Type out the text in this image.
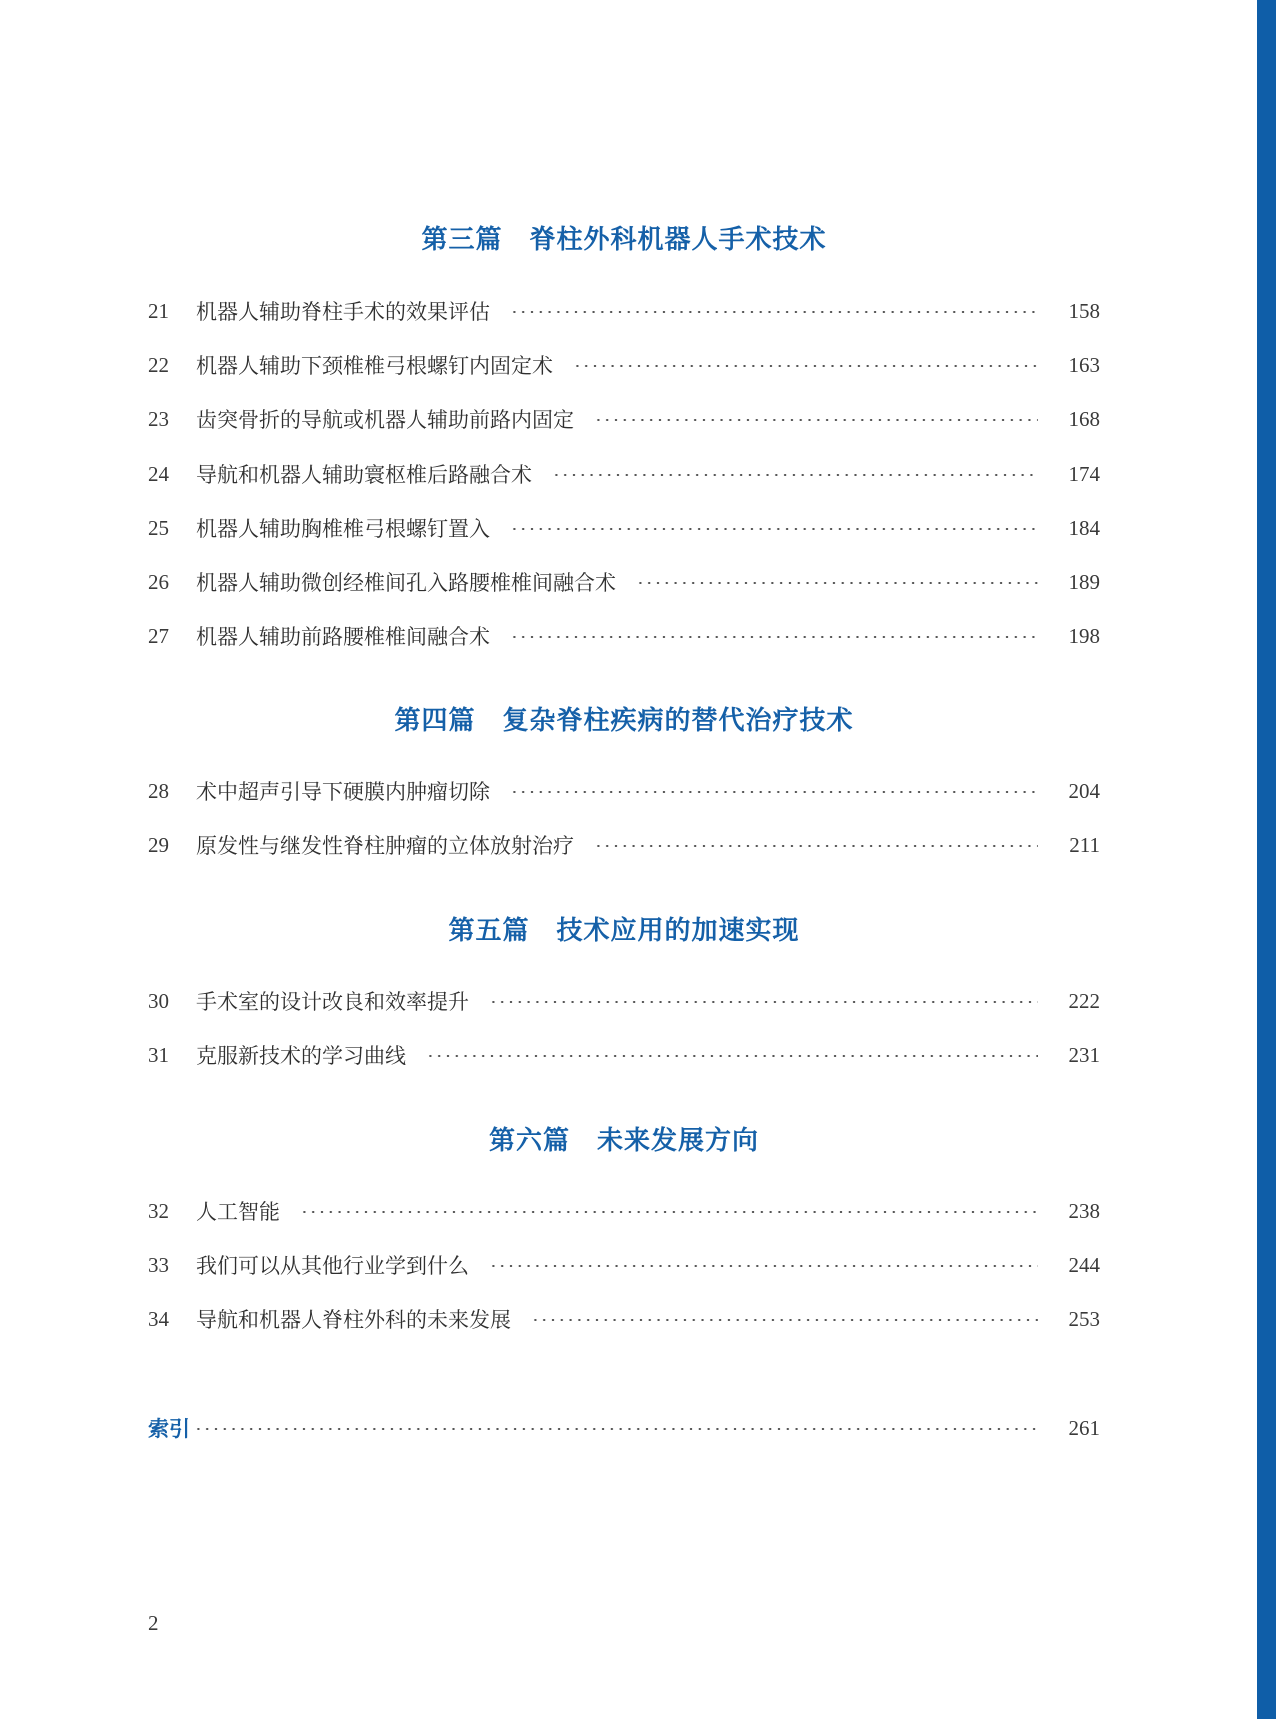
第三篇　脊柱外科机器人手术技术
21	机器人辅助脊柱手术的效果评估	158
22	机器人辅助下颈椎椎弓根螺钉内固定术	163
23	齿突骨折的导航或机器人辅助前路内固定	168
24	导航和机器人辅助寰枢椎后路融合术	174
25	机器人辅助胸椎椎弓根螺钉置入	184
26	机器人辅助微创经椎间孔入路腰椎椎间融合术	189
27	机器人辅助前路腰椎椎间融合术	198
第四篇　复杂脊柱疾病的替代治疗技术
28	术中超声引导下硬膜内肿瘤切除	204
29	原发性与继发性脊柱肿瘤的立体放射治疗	211
第五篇　技术应用的加速实现
30	手术室的设计改良和效率提升	222
31	克服新技术的学习曲线	231
第六篇　未来发展方向
32	人工智能	238
33	我们可以从其他行业学到什么	244
34	导航和机器人脊柱外科的未来发展	253
索引	261
2
